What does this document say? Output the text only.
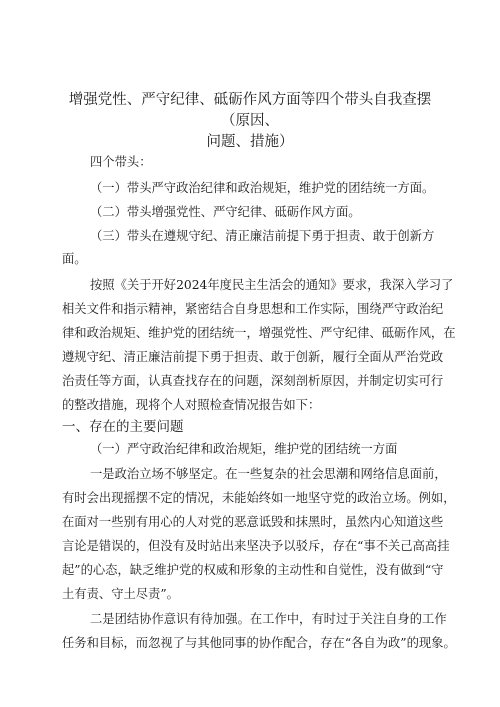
增强党性、严守纪律、砥砺作风方面等四个带头自我查摆（原因、
问题、措施）
四个带头：
（一）带头严守政治纪律和政治规矩，维护党的团结统一方面。
（二）带头增强党性、严守纪律、砥砺作风方面。
（三）带头在遵规守纪、清正廉洁前提下勇于担责、敢于创新方
面。
按照《关于开好2024年度民主生活会的通知》要求，我深入学习了
相关文件和指示精神，紧密结合自身思想和工作实际，围绕严守政治纪
律和政治规矩、维护党的团结统一，增强党性、严守纪律、砥砺作风，在
遵规守纪、清正廉洁前提下勇于担责、敢于创新，履行全面从严治党政
治责任等方面，认真查找存在的问题，深刻剖析原因，并制定切实可行
的整改措施，现将个人对照检查情况报告如下：
一、存在的主要问题
（一）严守政治纪律和政治规矩，维护党的团结统一方面
一是政治立场不够坚定。在一些复杂的社会思潮和网络信息面前，
有时会出现摇摆不定的情况，未能始终如一地坚守党的政治立场。例如，
在面对一些别有用心的人对党的恶意诋毁和抹黑时，虽然内心知道这些
言论是错误的，但没有及时站出来坚决予以驳斥，存在“事不关己高高挂
起”的心态，缺乏维护党的权威和形象的主动性和自觉性，没有做到“守
土有责、守土尽责”。
二是团结协作意识有待加强。在工作中，有时过于关注自身的工作
任务和目标，而忽视了与其他同事的协作配合，存在“各自为政”的现象。
